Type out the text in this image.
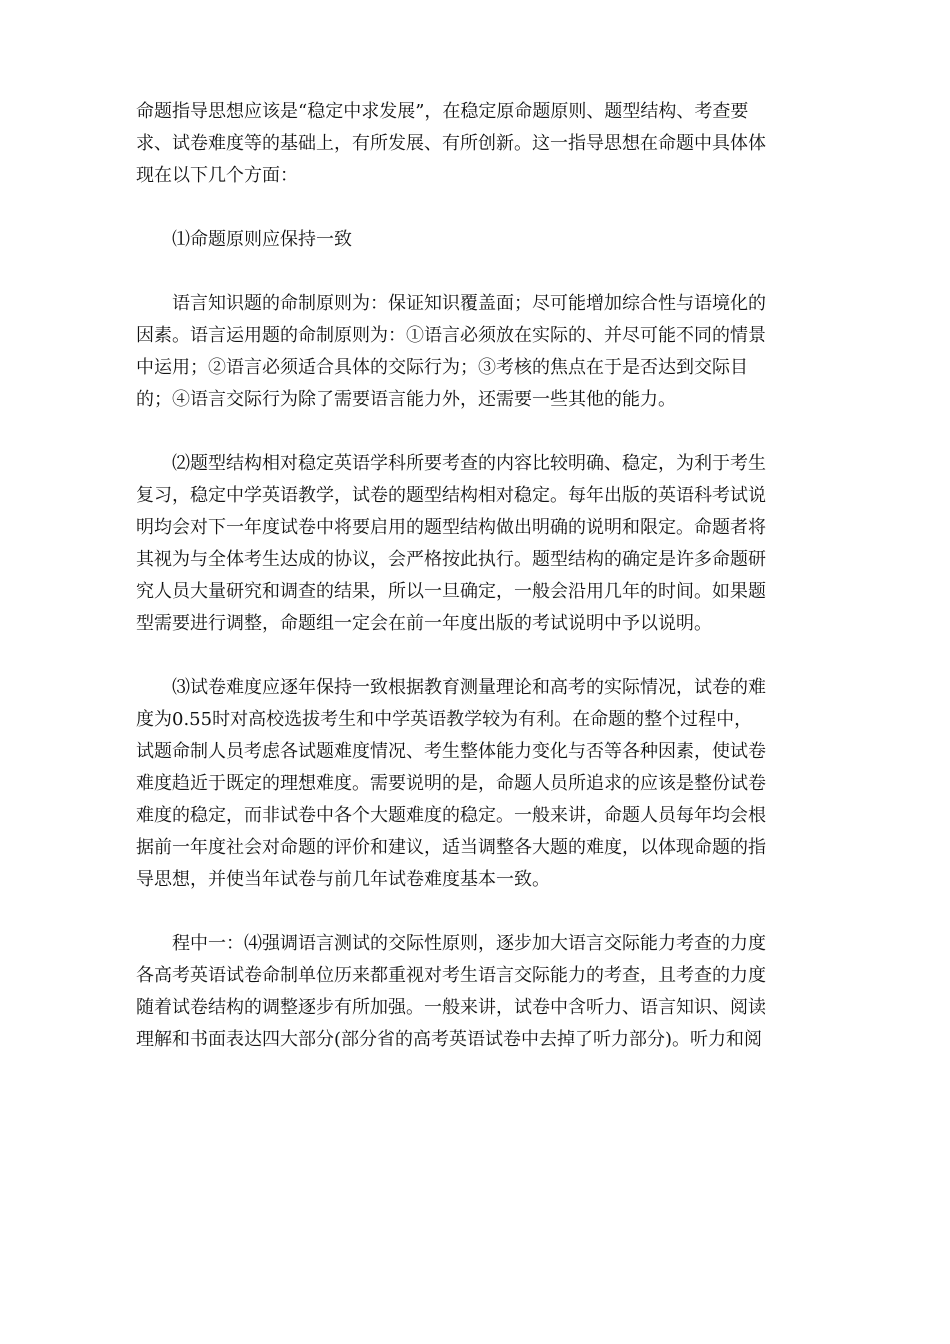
命题指导思想应该是“稳定中求发展”，在稳定原命题原则、题型结构、考查要
求、试卷难度等的基础上，有所发展、有所创新。这一指导思想在命题中具体体
现在以下几个方面：
⑴命题原则应保持一致
语言知识题的命制原则为：保证知识覆盖面；尽可能增加综合性与语境化的
因素。语言运用题的命制原则为：①语言必须放在实际的、并尽可能不同的情景
中运用；②语言必须适合具体的交际行为；③考核的焦点在于是否达到交际目
的；④语言交际行为除了需要语言能力外，还需要一些其他的能力。
⑵题型结构相对稳定英语学科所要考查的内容比较明确、稳定，为利于考生
复习，稳定中学英语教学，试卷的题型结构相对稳定。每年出版的英语科考试说
明均会对下一年度试卷中将要启用的题型结构做出明确的说明和限定。命题者将
其视为与全体考生达成的协议，会严格按此执行。题型结构的确定是许多命题研
究人员大量研究和调查的结果，所以一旦确定，一般会沿用几年的时间。如果题
型需要进行调整，命题组一定会在前一年度出版的考试说明中予以说明。
⑶试卷难度应逐年保持一致根据教育测量理论和高考的实际情况，试卷的难
度为0.55时对高校选拔考生和中学英语教学较为有利。在命题的整个过程中，
试题命制人员考虑各试题难度情况、考生整体能力变化与否等各种因素，使试卷
难度趋近于既定的理想难度。需要说明的是，命题人员所追求的应该是整份试卷
难度的稳定，而非试卷中各个大题难度的稳定。一般来讲，命题人员每年均会根
据前一年度社会对命题的评价和建议，适当调整各大题的难度，以体现命题的指
导思想，并使当年试卷与前几年试卷难度基本一致。
程中一：⑷强调语言测试的交际性原则，逐步加大语言交际能力考查的力度
各高考英语试卷命制单位历来都重视对考生语言交际能力的考查，且考查的力度
随着试卷结构的调整逐步有所加强。一般来讲，试卷中含听力、语言知识、阅读
理解和书面表达四大部分(部分省的高考英语试卷中去掉了听力部分)。听力和阅
